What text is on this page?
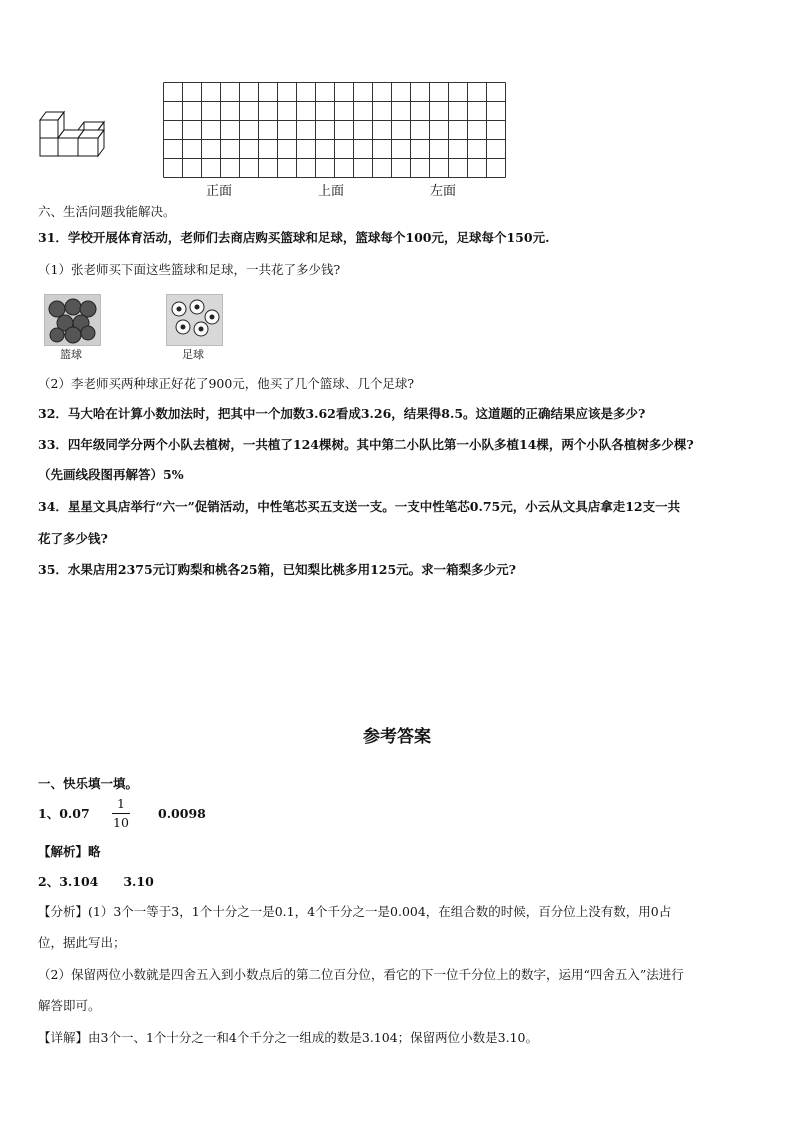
正面	上面	左面
六、生活问题我能解决。
31．学校开展体育活动，老师们去商店购买篮球和足球，篮球每个100元，足球每个150元.
（1）张老师买下面这些篮球和足球，一共花了多少钱?
篮球	足球
（2）李老师买两种球正好花了900元，他买了几个篮球、几个足球?
32．马大哈在计算小数加法时，把其中一个加数3.62看成3.26，结果得8.5。这道题的正确结果应该是多少?
33．四年级同学分两个小队去植树，一共植了124棵树。其中第二小队比第一小队多植14棵，两个小队各植树多少棵?
（先画线段图再解答）5%
34．星星文具店举行“六一”促销活动，中性笔芯买五支送一支。一支中性笔芯0.75元，小云从文具店拿走12支一共
花了多少钱?
35．水果店用2375元订购梨和桃各25箱，已知梨比桃多用125元。求一箱梨多少元?
参考答案
一、快乐填一填。
1、0.07
1
10
0.0098
【解析】略
2、3.104　　3.10
【分析】(1）3个一等于3，1个十分之一是0.1，4个千分之一是0.004，在组合数的时候，百分位上没有数，用0占
位，据此写出；
（2）保留两位小数就是四舍五入到小数点后的第二位百分位，看它的下一位千分位上的数字，运用“四舍五入”法进行
解答即可。
【详解】由3个一、1个十分之一和4个千分之一组成的数是3.104；保留两位小数是3.10。
